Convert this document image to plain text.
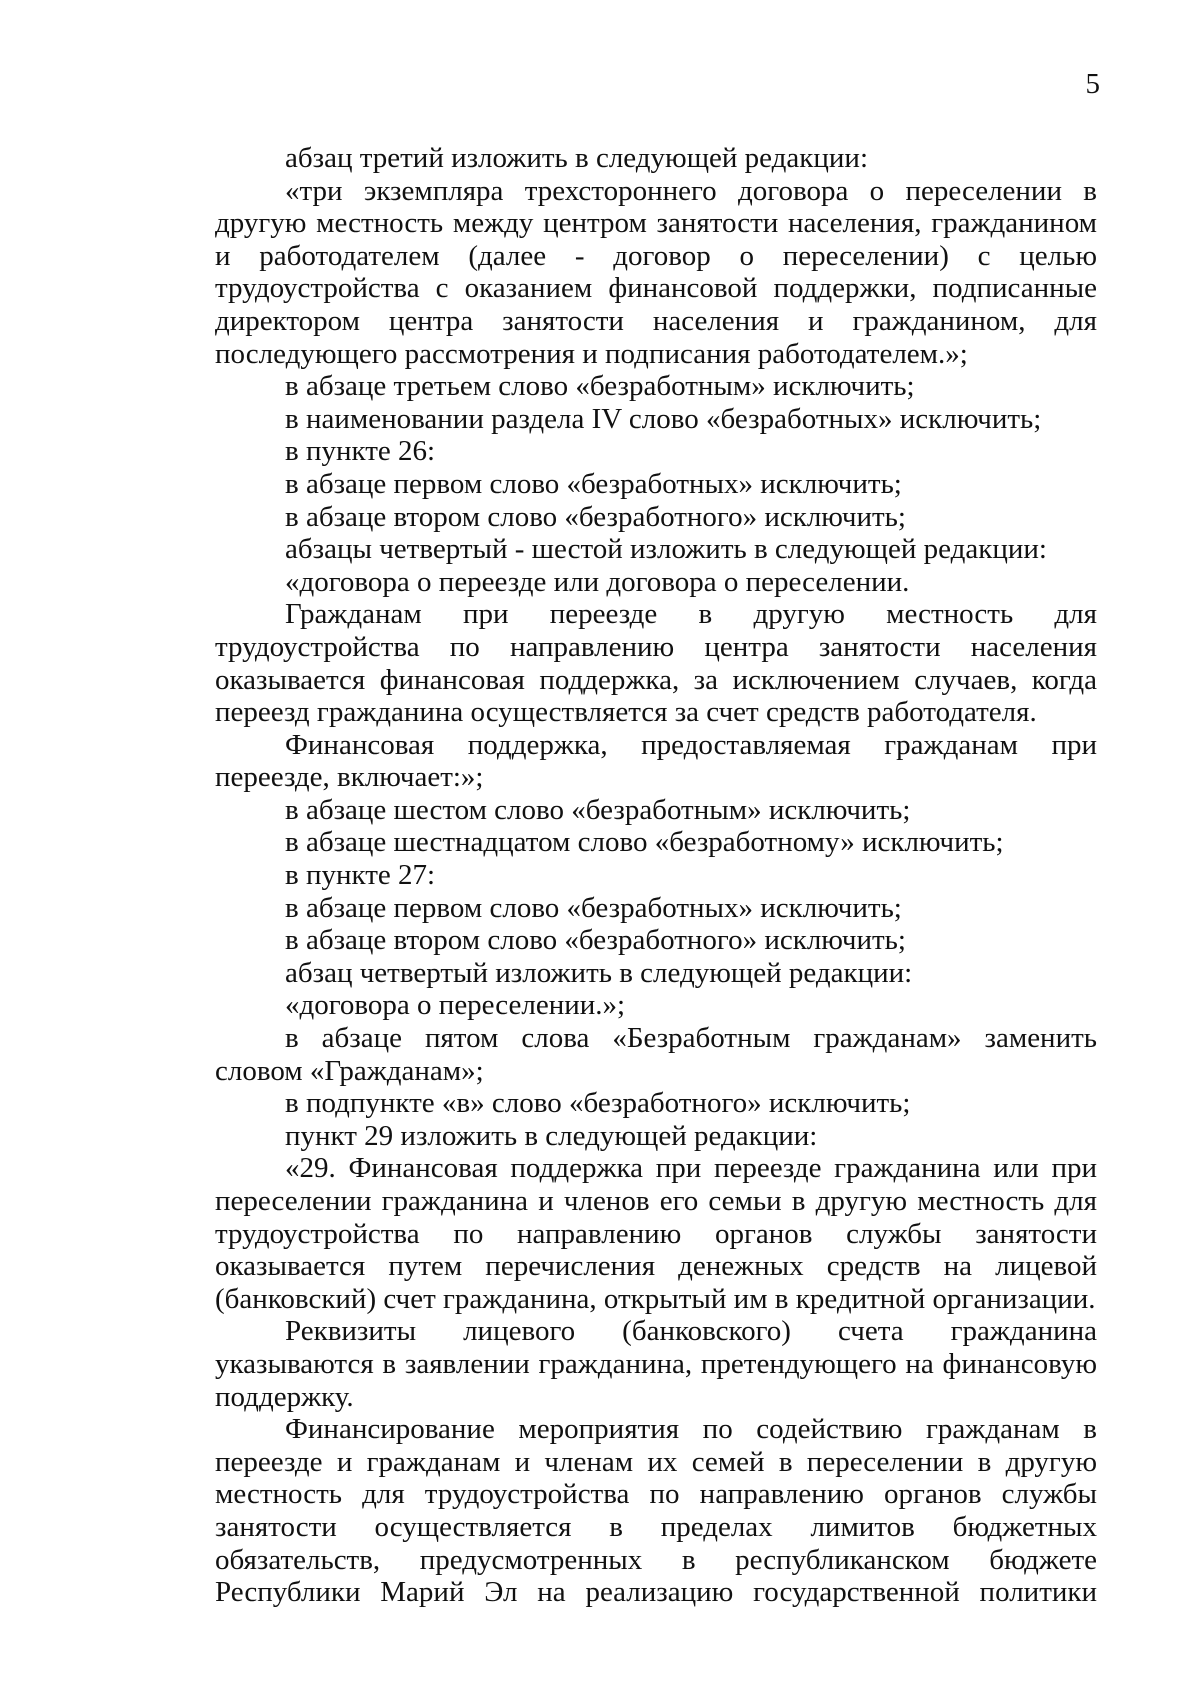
5

абзац третий изложить в следующей редакции:

«три экземпляра трехстороннего договора о переселении в другую местность между центром занятости населения, гражданином и работодателем (далее - договор о переселении) с целью трудоустройства с оказанием финансовой поддержки, подписанные директором центра занятости населения и гражданином, для последующего рассмотрения и подписания работодателем.»;

в абзаце третьем слово «безработным» исключить;

в наименовании раздела IV слово «безработных» исключить;

в пункте 26:

в абзаце первом слово «безработных» исключить;

в абзаце втором слово «безработного» исключить;

абзацы четвертый - шестой изложить в следующей редакции:

«договора о переезде или договора о переселении.

Гражданам при переезде в другую местность для трудоустройства по направлению центра занятости населения оказывается финансовая поддержка, за исключением случаев, когда переезд гражданина осуществляется за счет средств работодателя.

Финансовая поддержка, предоставляемая гражданам при переезде, включает:»;

в абзаце шестом слово «безработным» исключить;

в абзаце шестнадцатом слово «безработному» исключить;

в пункте 27:

в абзаце первом слово «безработных» исключить;

в абзаце втором слово «безработного» исключить;

абзац четвертый изложить в следующей редакции:

«договора о переселении.»;

в абзаце пятом слова «Безработным гражданам» заменить словом «Гражданам»;

в подпункте «в» слово «безработного» исключить;

пункт 29 изложить в следующей редакции:

«29. Финансовая поддержка при переезде гражданина или при переселении гражданина и членов его семьи в другую местность для трудоустройства по направлению органов службы занятости оказывается путем перечисления денежных средств на лицевой (банковский) счет гражданина, открытый им в кредитной организации.

Реквизиты лицевого (банковского) счета гражданина указываются в заявлении гражданина, претендующего на финансовую поддержку.

Финансирование мероприятия по содействию гражданам в переезде и гражданам и членам их семей в переселении в другую местность для трудоустройства по направлению органов службы занятости осуществляется в пределах лимитов бюджетных обязательств, предусмотренных в республиканском бюджете Республики Марий Эл на реализацию государственной политики
